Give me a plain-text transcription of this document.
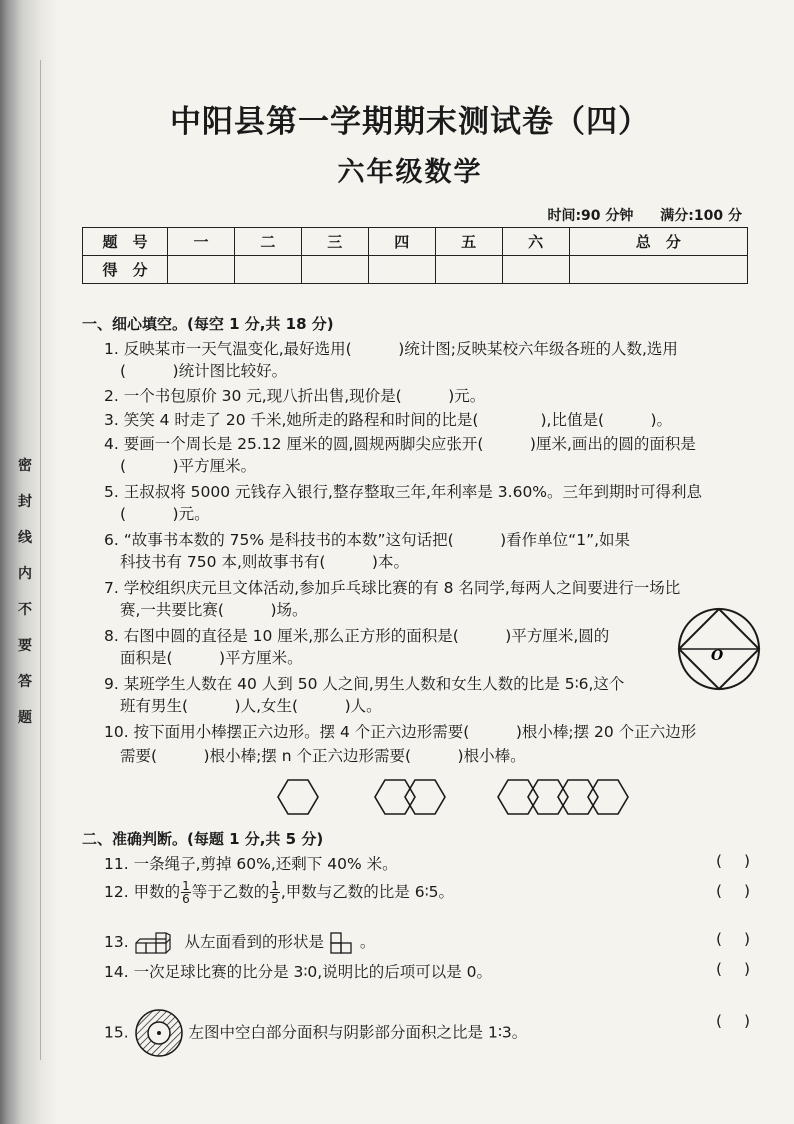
密
封
线
内
不
要
答
题
中阳县第一学期期末测试卷（四）
六年级数学
时间:90 分钟 满分:100 分
题　号	一	二	三	四	五	六	总　分
得　分							
一、细心填空。(每空 1 分,共 18 分)
1. 反映某市一天气温变化,最好选用(　　　)统计图;反映某校六年级各班的人数,选用
(　　　)统计图比较好。
2. 一个书包原价 30 元,现八折出售,现价是(　　　)元。
3. 笑笑 4 时走了 20 千米,她所走的路程和时间的比是(　　　　),比值是(　　　)。
4. 要画一个周长是 25.12 厘米的圆,圆规两脚尖应张开(　　　)厘米,画出的圆的面积是
(　　　)平方厘米。
5. 王叔叔将 5000 元钱存入银行,整存整取三年,年利率是 3.60%。三年到期时可得利息
(　　　)元。
6. “故事书本数的 75% 是科技书的本数”这句话把(　　　)看作单位“1”,如果
科技书有 750 本,则故事书有(　　　)本。
7. 学校组织庆元旦文体活动,参加乒乓球比赛的有 8 名同学,每两人之间要进行一场比
赛,一共要比赛(　　　)场。
8. 右图中圆的直径是 10 厘米,那么正方形的面积是(　　　)平方厘米,圆的
面积是(　　　)平方厘米。
9. 某班学生人数在 40 人到 50 人之间,男生人数和女生人数的比是 5∶6,这个
班有男生(　　　)人,女生(　　　)人。
10. 按下面用小棒摆正六边形。摆 4 个正六边形需要(　　　)根小棒;摆 20 个正六边形
需要(　　　)根小棒;摆 n 个正六边形需要(　　　)根小棒。
O
二、准确判断。(每题 1 分,共 5 分)
11. 一条绳子,剪掉 60%,还剩下 40% 米。	()
12. 甲数的 $\frac{1}{6}$ 等于乙数的 $\frac{1}{5}$ ,甲数与乙数的比是 6∶5。	()
13.	从左面看到的形状是 。	()
14. 一次足球比赛的比分是 3∶0,说明比的后项可以是 0。	()
15.	左图中空白部分面积与阴影部分面积之比是 1∶3。
()
